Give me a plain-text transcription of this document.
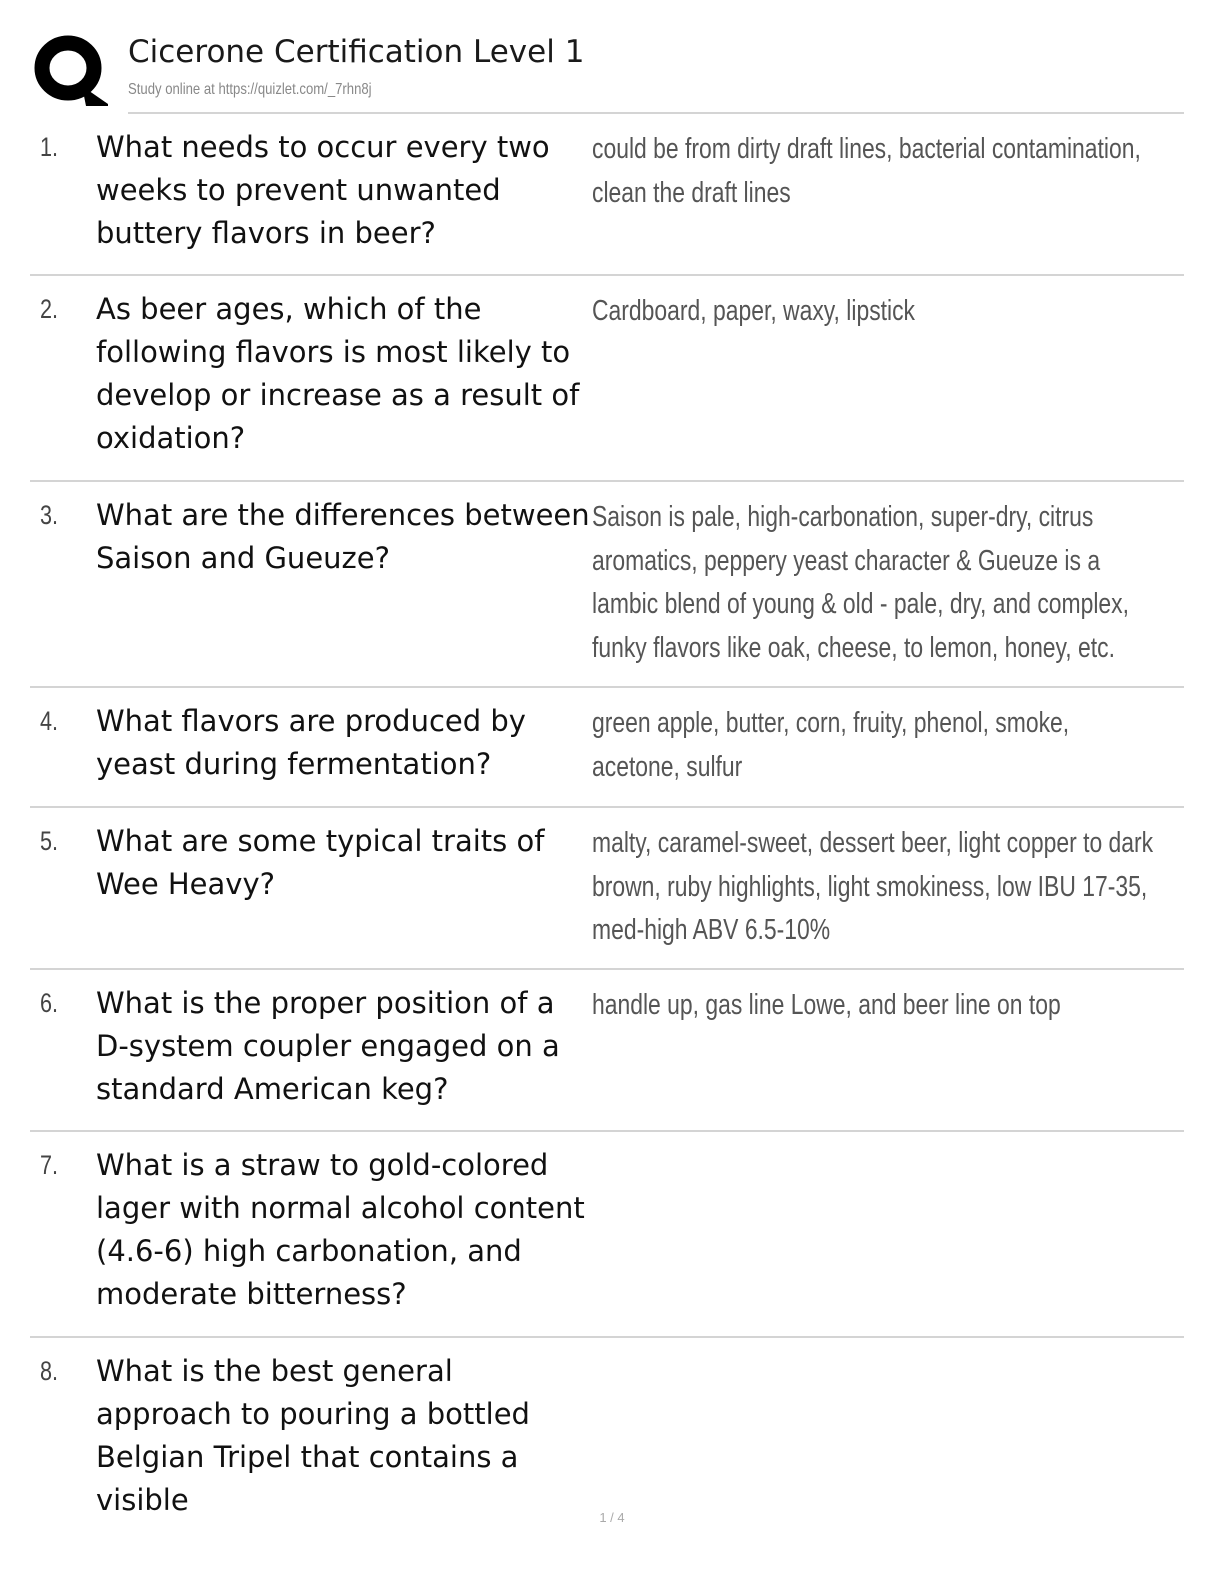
Cicerone Certification Level 1
Study online at https://quizlet.com/_7rhn8j
1. What needs to occur every two weeks to prevent unwanted buttery flavors in beer?
could be from dirty draft lines, bacterial contamination, clean the draft lines
2. As beer ages, which of the following flavors is most likely to develop or increase as a result of oxidation?
Cardboard, paper, waxy, lipstick
3. What are the differences between Saison and Gueuze?
Saison is pale, high-carbonation, super-dry, citrus aromatics, peppery yeast character & Gueuze is a lambic blend of young & old - pale, dry, and complex, funky flavors like oak, cheese, to lemon, honey, etc.
4. What flavors are produced by yeast during fermentation?
green apple, butter, corn, fruity, phenol, smoke, acetone, sulfur
5. What are some typical traits of Wee Heavy?
malty, caramel-sweet, dessert beer, light copper to dark brown, ruby highlights, light smokiness, low IBU 17-35, med-high ABV 6.5-10%
6. What is the proper position of a D-system coupler engaged on a standard American keg?
handle up, gas line Lowe, and beer line on top
7. What is a straw to gold-colored lager with normal alcohol content (4.6-6) high carbonation, and moderate bitterness?
8. What is the best general approach to pouring a bottled Belgian Tripel that contains a visible
1 / 4
